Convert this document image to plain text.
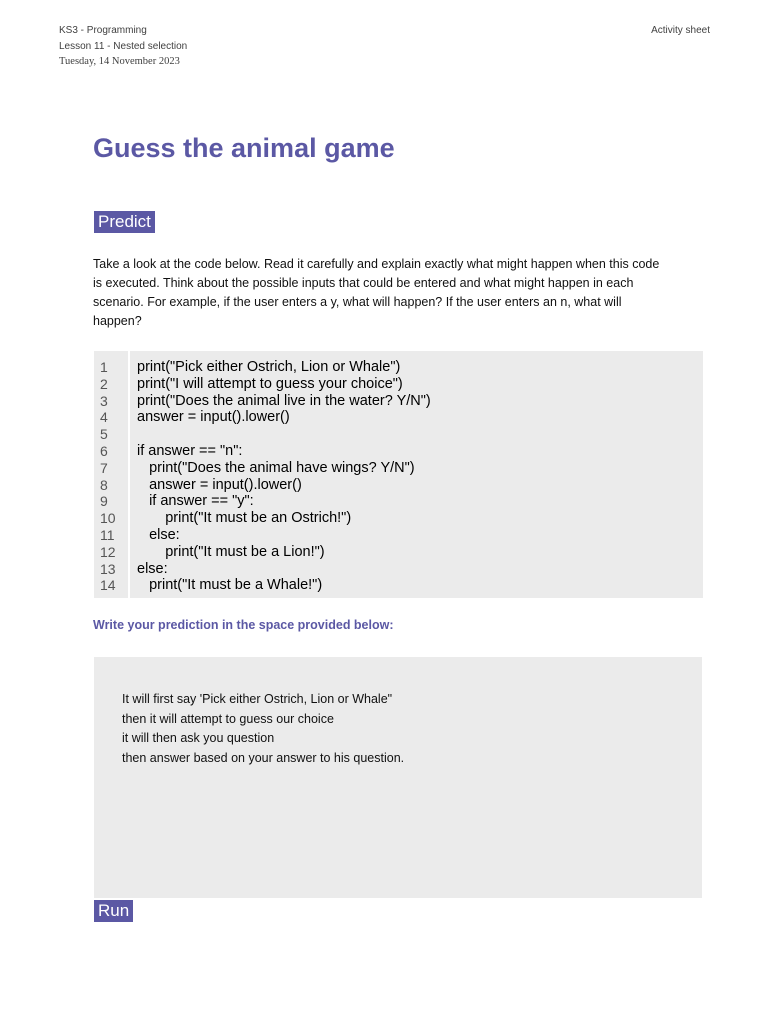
KS3 - Programming
Lesson 11 - Nested selection
Tuesday, 14 November 2023
Activity sheet
Guess the animal game
Predict

Take a look at the code below. Read it carefully and explain exactly what might happen when this code is executed. Think about the possible inputs that could be entered and what might happen in each scenario. For example, if the user enters a y, what will happen? If the user enters an n, what will happen?

1
2
3
4
5
6
7
8
9
10
11
12
13
14
print("Pick either Ostrich, Lion or Whale")
print("I will attempt to guess your choice")
print("Does the animal live in the water? Y/N")
answer = input().lower()
if answer == "n":
print("Does the animal have wings? Y/N")
answer = input().lower()
if answer == "y":
print("It must be an Ostrich!")
else:
print("It must be a Lion!")
else:
print("It must be a Whale!")

Write your prediction in the space provided below:

It will first say 'Pick either Ostrich, Lion or Whale"
then it will attempt to guess our choice
it will then ask you question
then answer based on your answer to his question.
Run
